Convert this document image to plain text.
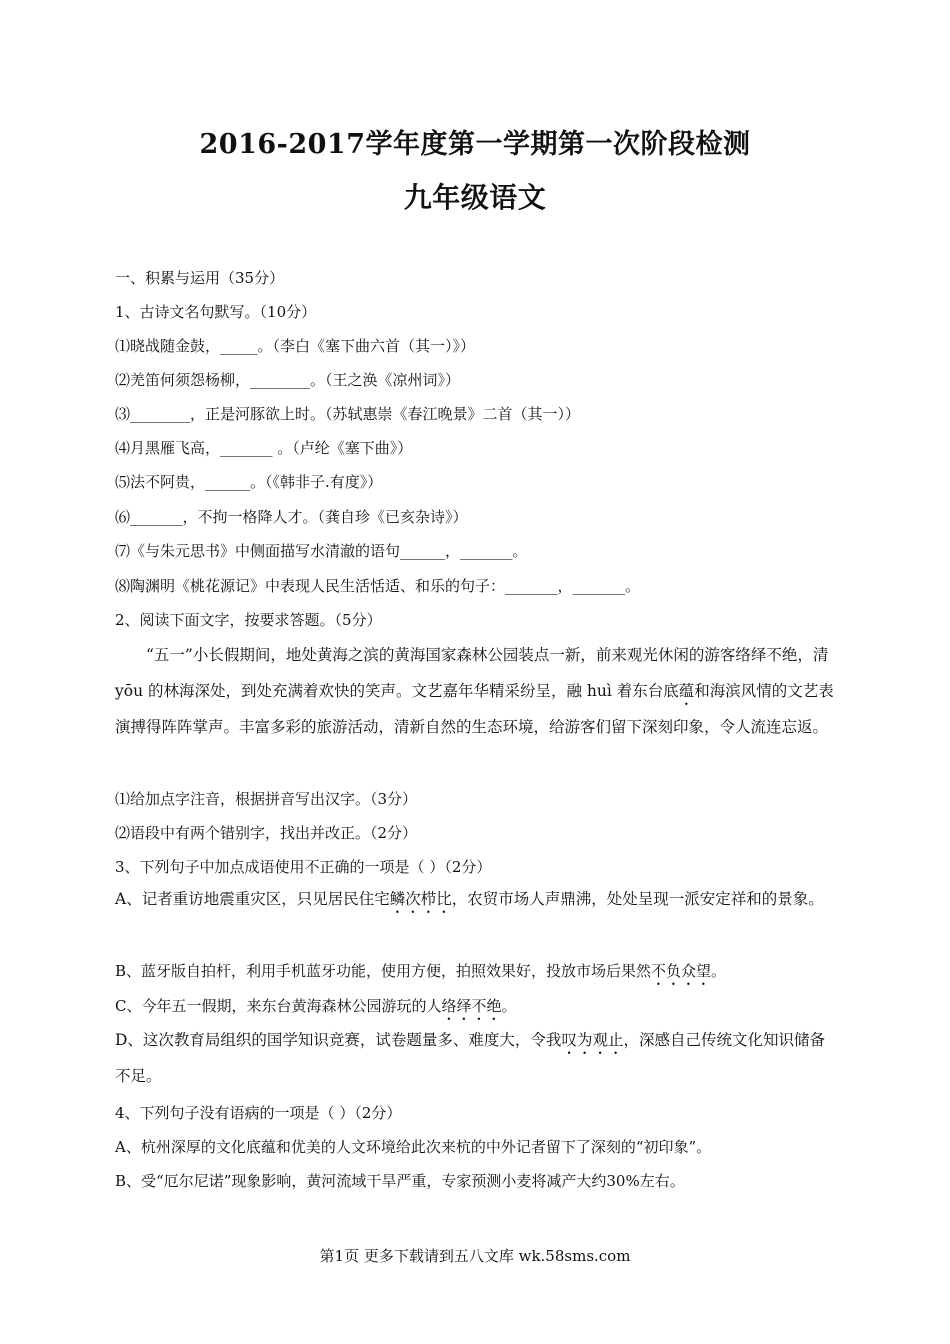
2016-2017学年度第一学期第一次阶段检测
九年级语文
一、积累与运用（35分）
1、古诗文名句默写。（10分）
⑴晓战随金鼓，_____。（李白《塞下曲六首（其一）》）
⑵羌笛何须怨杨柳，________。（王之涣《凉州词》）
⑶________，正是河豚欲上时。（苏轼惠崇《春江晚景》二首（其一））
⑷月黑雁飞高，_______ 。（卢纶《塞下曲》）
⑸法不阿贵，______。（《韩非子.有度》）
⑹_______，不拘一格降人才。（龚自珍《已亥杂诗》）
⑺《与朱元思书》中侧面描写水清澈的语句______，_______。
⑻陶渊明《桃花源记》中表现人民生活恬适、和乐的句子：_______，_______。
2、阅读下面文字，按要求答题。（5分）
“五一”小长假期间，地处黄海之滨的黄海国家森林公园装点一新，前来观光休闲的游客络绎不绝，清 yōu 的林海深处，到处充满着欢快的笑声。文艺嘉年华精采纷呈，融 huì 着东台底蕴和海滨风情的文艺表演搏得阵阵掌声。丰富多彩的旅游活动，清新自然的生态环境，给游客们留下深刻印象，令人流连忘返。
⑴给加点字注音，根据拼音写出汉字。（3分）
⑵语段中有两个错别字，找出并改正。（2分）
3、下列句子中加点成语使用不正确的一项是（ ）（2分）
A、记者重访地震重灾区，只见居民住宅鳞次栉比，农贸市场人声鼎沸，处处呈现一派安定祥和的景象。
B、蓝牙版自拍杆，利用手机蓝牙功能，使用方便，拍照效果好，投放市场后果然不负众望。
C、今年五一假期，来东台黄海森林公园游玩的人络绎不绝。
D、这次教育局组织的国学知识竞赛，试卷题量多、难度大，令我叹为观止，深感自己传统文化知识储备不足。
4、下列句子没有语病的一项是（ ）（2分）
A、杭州深厚的文化底蕴和优美的人文环境给此次来杭的中外记者留下了深刻的“初印象”。
B、受“厄尔尼诺”现象影响，黄河流域干旱严重，专家预测小麦将减产大约30%左右。
第1页 更多下载请到五八文库 wk.58sms.com
